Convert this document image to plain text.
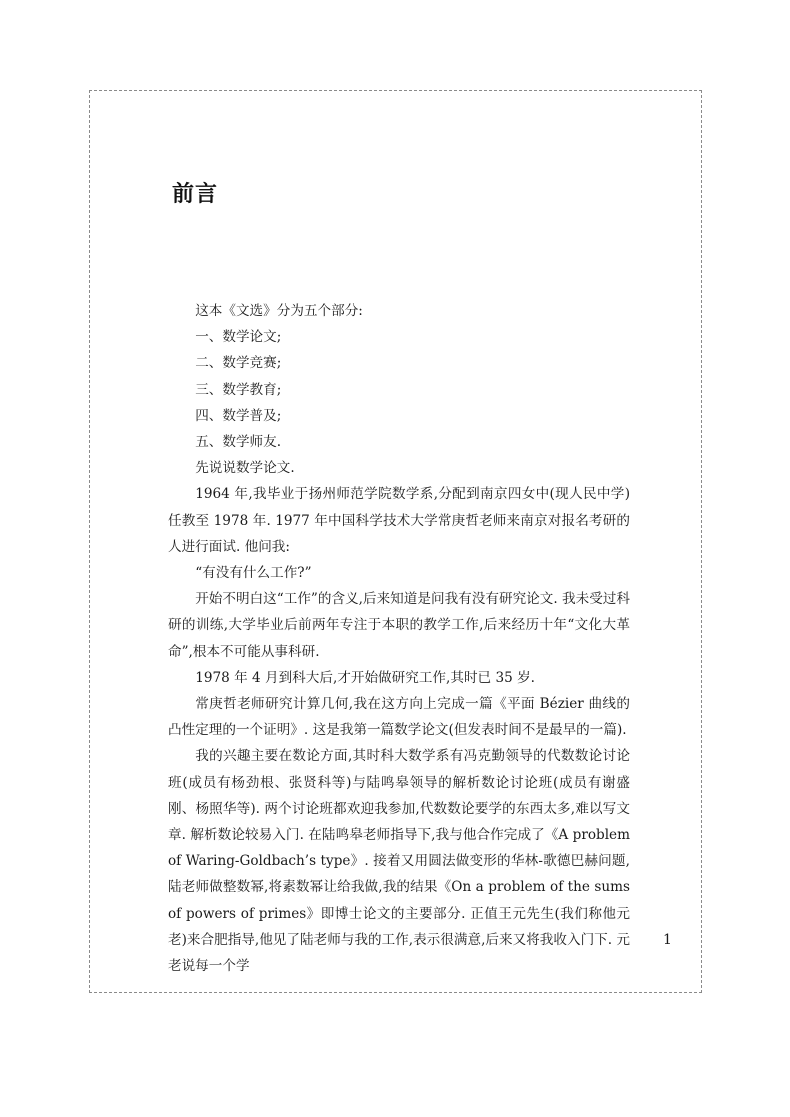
前言

这本《文选》分为五个部分:

一、数学论文;

二、数学竞赛;

三、数学教育;

四、数学普及;

五、数学师友.

先说说数学论文.

1964 年,我毕业于扬州师范学院数学系,分配到南京四女中(现人民中学)任教至 1978 年. 1977 年中国科学技术大学常庚哲老师来南京对报名考研的人进行面试. 他问我:

“有没有什么工作?”

开始不明白这“工作”的含义,后来知道是问我有没有研究论文. 我未受过科研的训练,大学毕业后前两年专注于本职的教学工作,后来经历十年“文化大革命”,根本不可能从事科研.

1978 年 4 月到科大后,才开始做研究工作,其时已 35 岁.

常庚哲老师研究计算几何,我在这方向上完成一篇《平面 Bézier 曲线的凸性定理的一个证明》. 这是我第一篇数学论文(但发表时间不是最早的一篇).

我的兴趣主要在数论方面,其时科大数学系有冯克勤领导的代数数论讨论班(成员有杨劲根、张贤科等)与陆鸣皋领导的解析数论讨论班(成员有谢盛刚、杨照华等). 两个讨论班都欢迎我参加,代数数论要学的东西太多,难以写文章. 解析数论较易入门. 在陆鸣皋老师指导下,我与他合作完成了《A problem of Waring-Goldbach’s type》. 接着又用圆法做变形的华林-歌德巴赫问题,陆老师做整数幂,将素数幂让给我做,我的结果《On a problem of the sums of powers of primes》即博士论文的主要部分. 正值王元先生(我们称他元老)来合肥指导,他见了陆老师与我的工作,表示很满意,后来又将我收入门下. 元老说每一个学

1
